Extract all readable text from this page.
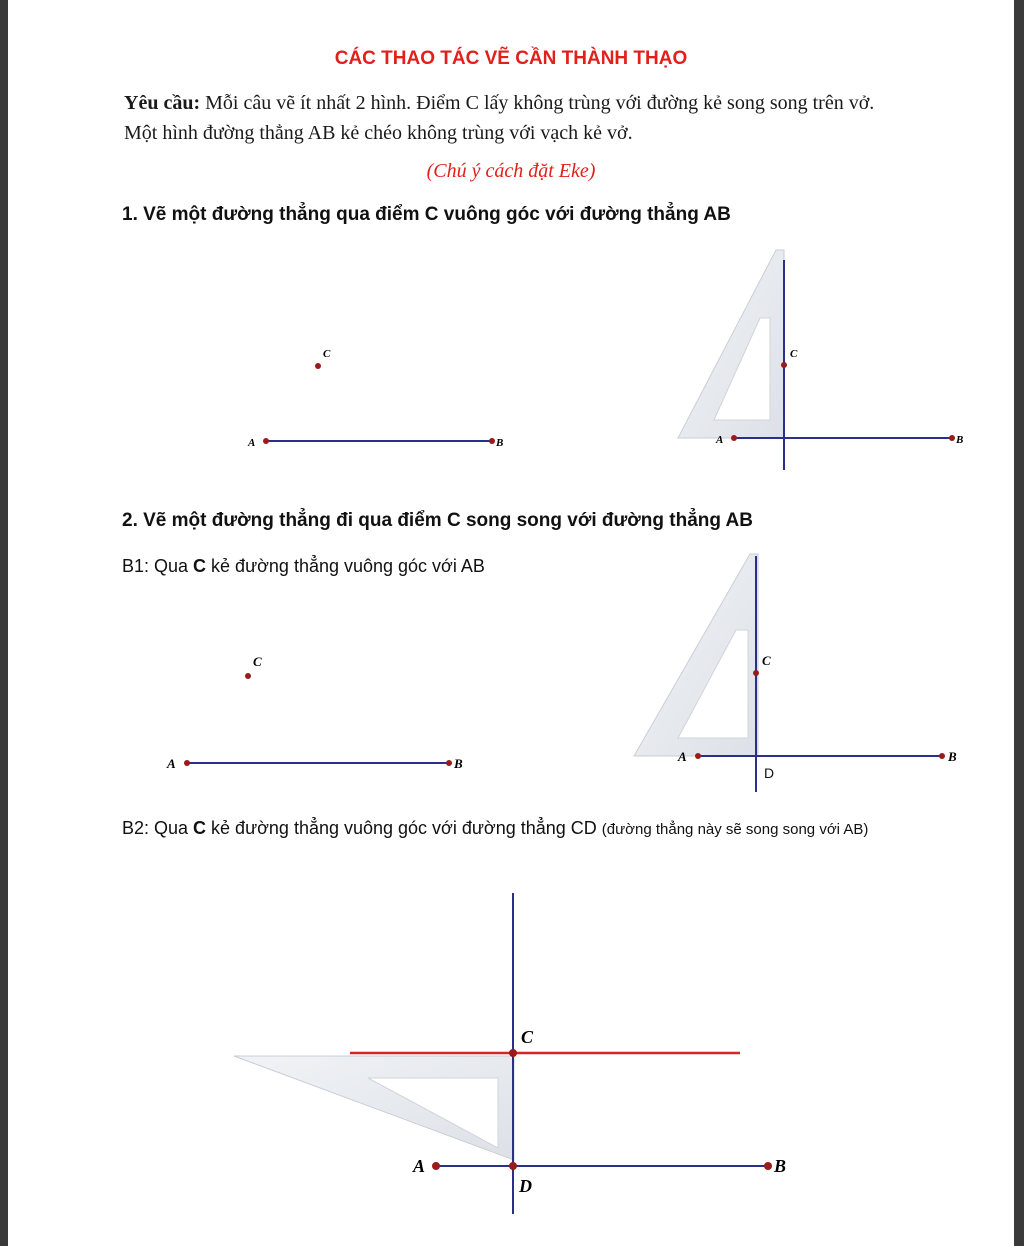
CÁC THAO TÁC VẼ CẦN THÀNH THẠO
Yêu cầu: Mỗi câu vẽ ít nhất 2 hình. Điểm C lấy không trùng với đường kẻ song song trên vở. Một hình đường thẳng AB kẻ chéo không trùng với vạch kẻ vở.
(Chú ý cách đặt Eke)
1. Vẽ một đường thẳng qua điểm C vuông góc với đường thẳng AB
2. Vẽ một đường thẳng đi qua điểm C song song với đường thẳng AB
B1: Qua C kẻ đường thẳng vuông góc với AB
B2: Qua C kẻ đường thẳng vuông góc với đường thẳng CD (đường thẳng này sẽ song song với AB)
A	B
C
A	B
C
A	B
C
A	B
C
D
A	B
C
D
